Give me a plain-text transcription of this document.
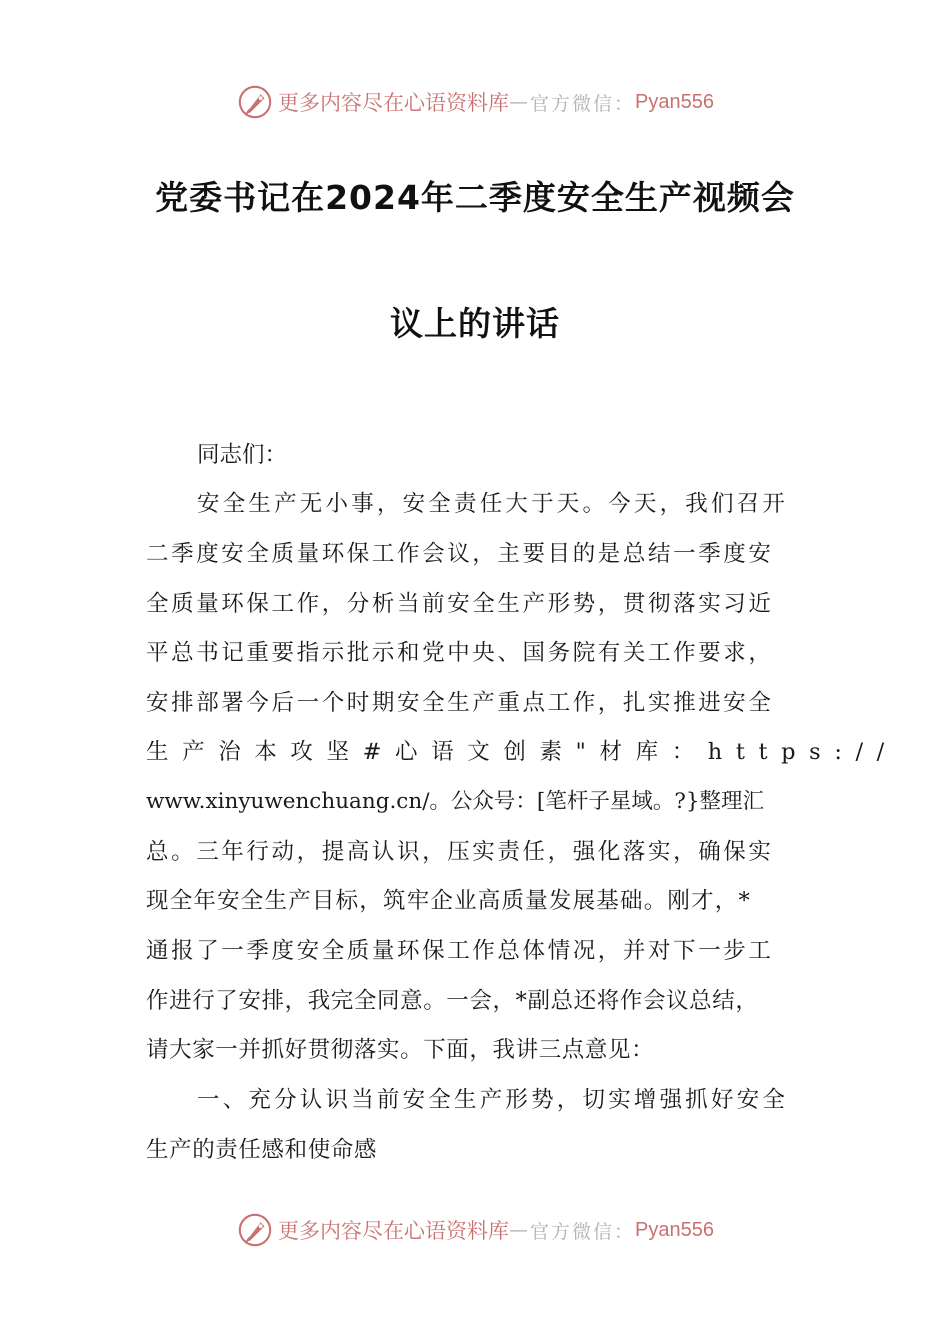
更多内容尽在心语资料库 — 官方微信： Pyan556
党委书记在2024年二季度安全生产视频会
议上的讲话
同志们：
安全生产无小事，安全责任大于天。今天，我们召开
二季度安全质量环保工作会议，主要目的是总结一季度安
全质量环保工作，分析当前安全生产形势，贯彻落实习近
平总书记重要指示批示和党中央、国务院有关工作要求，
安排部署今后一个时期安全生产重点工作，扎实推进安全
生产治本攻坚#心语文创素"材库：https://
www.xinyuwenchuang.cn/。公众号：[笔杆子星域。?}整理汇
总。三年行动，提高认识，压实责任，强化落实，确保实
现全年安全生产目标，筑牢企业高质量发展基础。刚才，*
通报了一季度安全质量环保工作总体情况，并对下一步工
作进行了安排，我完全同意。一会，*副总还将作会议总结，
请大家一并抓好贯彻落实。下面，我讲三点意见：
一、充分认识当前安全生产形势，切实增强抓好安全
生产的责任感和使命感
更多内容尽在心语资料库 — 官方微信： Pyan556
